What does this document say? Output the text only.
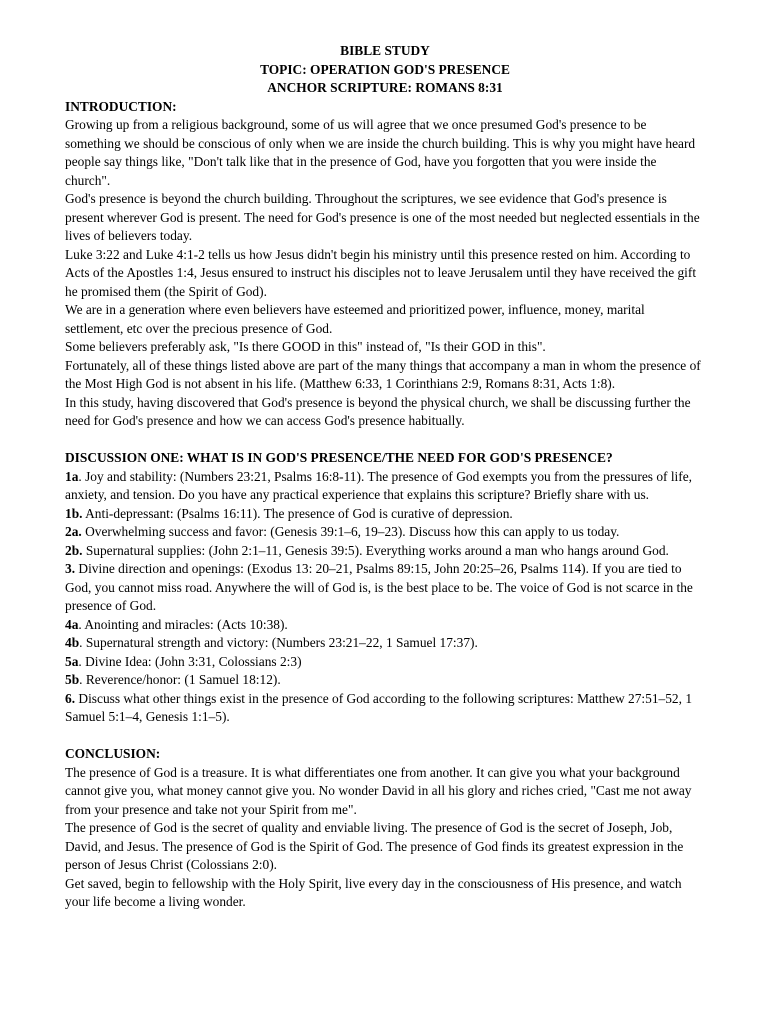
BIBLE STUDY

TOPIC: OPERATION GOD'S PRESENCE

ANCHOR SCRIPTURE: ROMANS 8:31

INTRODUCTION:

Growing up from a religious background, some of us will agree that we once presumed God's presence to be something we should be conscious of only when we are inside the church building. This is why you might have heard people say things like, "Don't talk like that in the presence of God, have you forgotten that you were inside the church".

God's presence is beyond the church building. Throughout the scriptures, we see evidence that God's presence is present wherever God is present. The need for God's presence is one of the most needed but neglected essentials in the lives of believers today.

Luke 3:22 and Luke 4:1-2 tells us how Jesus didn't begin his ministry until this presence rested on him. According to Acts of the Apostles 1:4, Jesus ensured to instruct his disciples not to leave Jerusalem until they have received the gift he promised them (the Spirit of God).

We are in a generation where even believers have esteemed and prioritized power, influence, money, marital settlement, etc over the precious presence of God.

Some believers preferably ask, "Is there GOOD in this" instead of, "Is their GOD in this".

Fortunately, all of these things listed above are part of the many things that accompany a man in whom the presence of the Most High God is not absent in his life. (Matthew 6:33, 1 Corinthians 2:9, Romans 8:31, Acts 1:8).

In this study, having discovered that God's presence is beyond the physical church, we shall be discussing further the need for God's presence and how we can access God's presence habitually.

DISCUSSION ONE: WHAT IS IN GOD'S PRESENCE/THE NEED FOR GOD'S PRESENCE?

1a. Joy and stability: (Numbers 23:21, Psalms 16:8-11). The presence of God exempts you from the pressures of life, anxiety, and tension. Do you have any practical experience that explains this scripture? Briefly share with us.

1b. Anti-depressant: (Psalms 16:11). The presence of God is curative of depression.

2a. Overwhelming success and favor: (Genesis 39:1–6, 19–23). Discuss how this can apply to us today.

2b. Supernatural supplies: (John 2:1–11, Genesis 39:5). Everything works around a man who hangs around God.

3. Divine direction and openings: (Exodus 13: 20–21, Psalms 89:15, John 20:25–26, Psalms 114). If you are tied to God, you cannot miss road. Anywhere the will of God is, is the best place to be. The voice of God is not scarce in the presence of God.

4a. Anointing and miracles: (Acts 10:38).

4b. Supernatural strength and victory: (Numbers 23:21–22, 1 Samuel 17:37).

5a. Divine Idea: (John 3:31, Colossians 2:3)

5b. Reverence/honor: (1 Samuel 18:12).

6. Discuss what other things exist in the presence of God according to the following scriptures: Matthew 27:51–52, 1 Samuel 5:1–4, Genesis 1:1–5).

CONCLUSION:

The presence of God is a treasure. It is what differentiates one from another. It can give you what your background cannot give you, what money cannot give you. No wonder David in all his glory and riches cried, "Cast me not away from your presence and take not your Spirit from me".

The presence of God is the secret of quality and enviable living. The presence of God is the secret of Joseph, Job, David, and Jesus. The presence of God is the Spirit of God. The presence of God finds its greatest expression in the person of Jesus Christ (Colossians 2:0).

Get saved, begin to fellowship with the Holy Spirit, live every day in the consciousness of His presence, and watch your life become a living wonder.
